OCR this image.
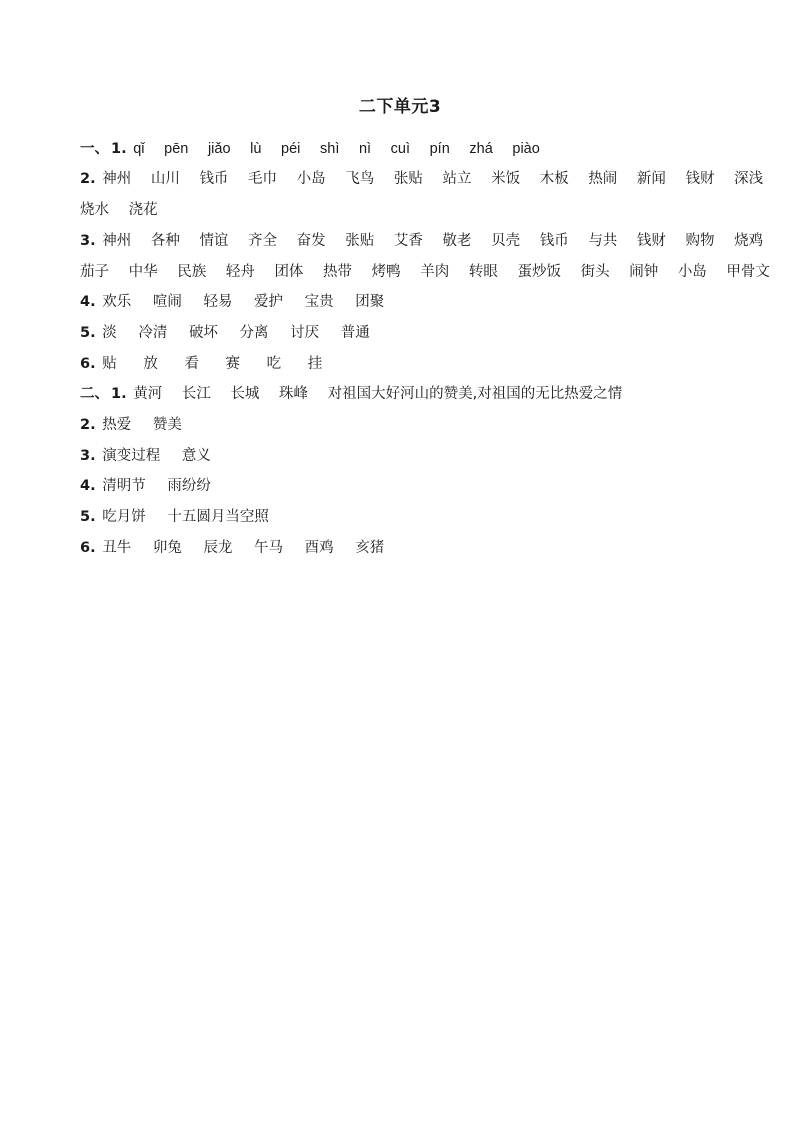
二下单元3
一、 1. qǐ pēn jiǎo lù péi shì nì cuì pín zhá piào
2. 神州 山川 钱币 毛巾 小岛 飞鸟 张贴 站立 米饭 木板 热闹 新闻 钱财 深浅
烧水 浇花
3. 神州 各种 情谊 齐全 奋发 张贴 艾香 敬老 贝壳 钱币 与共 钱财 购物 烧鸡
茄子 中华 民族 轻舟 团体 热带 烤鸭 羊肉 转眼 蛋炒饭 街头 闹钟 小岛 甲骨文
4. 欢乐 喧闹 轻易 爱护 宝贵 团聚
5. 淡 冷清 破坏 分离 讨厌 普通
6. 贴 放 看 赛 吃 挂
二、 1. 黄河 长江 长城 珠峰 对祖国大好河山的赞美,对祖国的无比热爱之情
2. 热爱 赞美
3. 演变过程 意义
4. 清明节 雨纷纷
5. 吃月饼 十五圆月当空照
6. 丑牛 卯兔 辰龙 午马 酉鸡 亥猪
